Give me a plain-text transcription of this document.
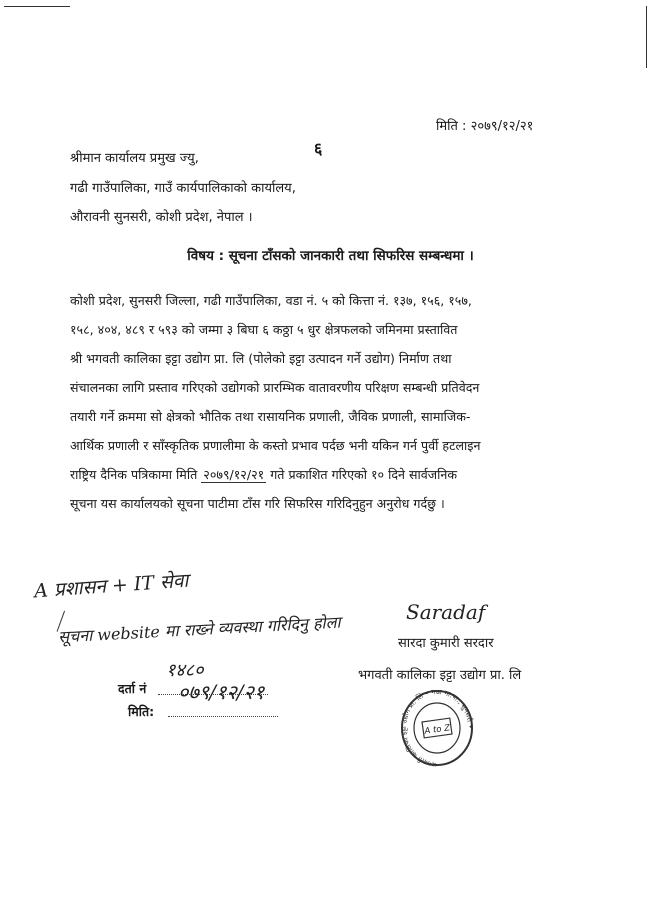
मिति : २०७९/१२/२१
६
श्रीमान कार्यालय प्रमुख ज्यु,
गढी गाउँपालिका, गाउँ कार्यपालिकाको कार्यालय,
औरावनी सुनसरी, कोशी प्रदेश, नेपाल ।
विषय : सूचना टाँसको जानकारी तथा सिफरिस सम्बन्धमा ।
कोशी प्रदेश, सुनसरी जिल्ला, गढी गाउँपालिका, वडा नं. ५ को कित्ता नं. १३७, १५६, १५७,
१५८, ४०४, ४८९ र ५९३ को जम्मा ३ बिघा ६ कठ्ठा ५ धुर क्षेत्रफलको जमिनमा प्रस्तावित
श्री भगवती कालिका इट्टा उद्योग प्रा. लि (पोलेको इट्टा उत्पादन गर्ने उद्योग) निर्माण तथा
संचालनका लागि प्रस्ताव गरिएको उद्योगको प्रारम्भिक वातावरणीय परिक्षण सम्बन्धी प्रतिवेदन
तयारी गर्ने क्रममा सो क्षेत्रको भौतिक तथा रासायनिक प्रणाली, जैविक प्रणाली, सामाजिक-
आर्थिक प्रणाली र साँस्कृतिक प्रणालीमा के कस्तो प्रभाव पर्दछ भनी यकिन गर्न पुर्वी हटलाइन
राष्ट्रिय दैनिक पत्रिकामा मिति २०७९/१२/२१ गते प्रकाशित गरिएको १० दिने सार्वजनिक
सूचना यस कार्यालयको सूचना पाटीमा टाँस गरि सिफरिस गरिदिनुहुन अनुरोध गर्दछु ।
A प्रशासन + IT सेवा
सूचना website मा राख्ने व्यवस्था गरिदिनु होला
दर्ता नं
१४८०
मिति:
०७९/१२/२१
Saradaf
सारदा कुमारी सरदार
भगवती कालिका इट्टा उद्योग प्रा. लि
भगवती कालिका इट्टा उद्योग प्रा. लि • गढी गा.पा., सुनसरी •
A to Z
